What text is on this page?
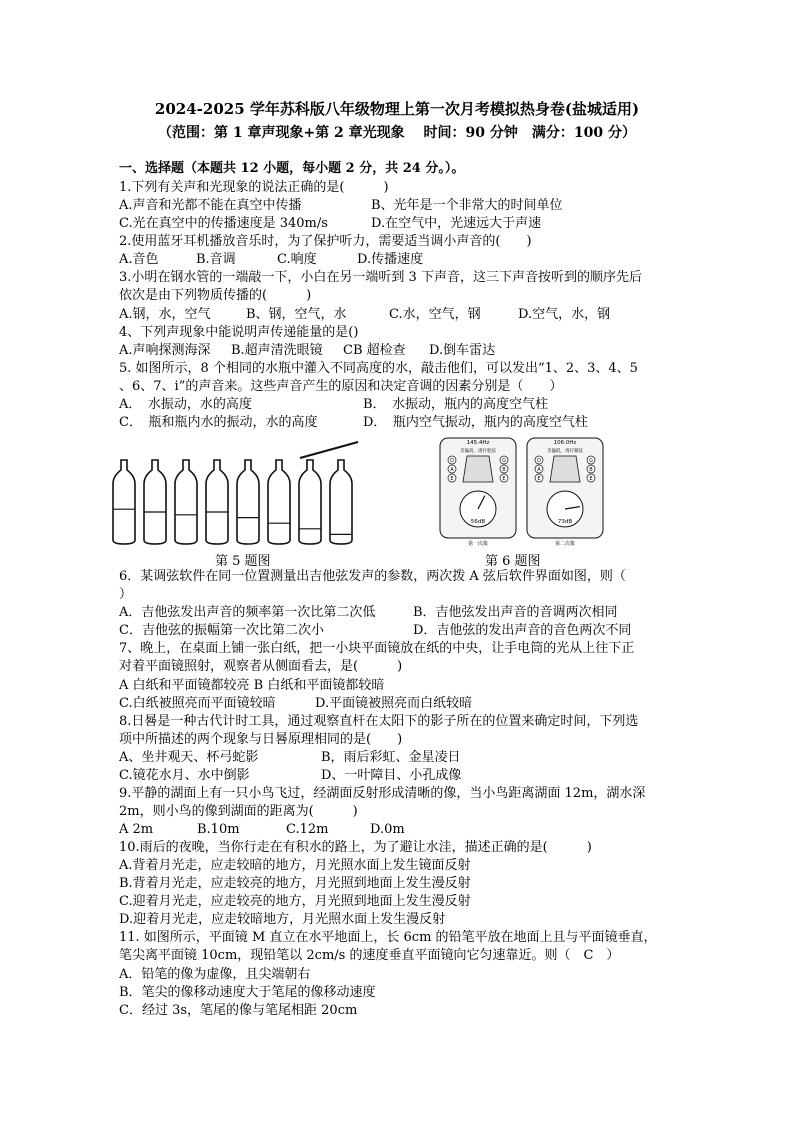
2024-2025 学年苏科版八年级物理上第一次月考模拟热身卷(盐城适用)
（范围：第 1 章声现象+第 2 章光现象　 时间：90 分钟　满分：100 分）
一、选择题（本题共 12 小题，每小题 2 分，共 24 分。）。
1.下列有关声和光现象的说法正确的是(　　　)
A.声音和光都不能在真空中传播	B、光年是一个非常大的时间单位
C.光在真空中的传播速度是 340m/s	D.在空气中，光速远大于声速
2.使用蓝牙耳机播放音乐时，为了保护听力，需要适当调小声音的(　　)
A.音色	B.音调	C.响度	D.传播速度
3.小明在钢水管的一端敲一下，小白在另一端听到 3 下声音，这三下声音按听到的顺序先后
依次是由下列物质传播的(　　　)
A.钢，水，空气	B、钢，空气，水	C.水，空气，钢	D.空气，水，钢
4、下列声现象中能说明声传递能量的是()
A.声响探测海深 B.超声清洗眼镜 CB 超检查 D.倒车雷达
5. 如图所示，8 个相同的水瓶中灌入不同高度的水，敲击他们，可以发出“1、2、3、4、5
、6、7、i”的声音来。这些声音产生的原因和决定音调的因素分别是（　　）
A．　水振动，水的高度	B．　水振动，瓶内的高度空气柱
C．　瓶和瓶内水的振动，水的高度	D．　瓶内空气振动，瓶内的高度空气柱
第 5 题图
145.4Hz
音偏高，请拧松弦
D
A
E
G
B
E
56dB
第一次拨
106.0Hz
音偏低，请拧紧弦
D
A
E
G
B
E
73dB
第二次拨
第 6 题图
6．某调弦软件在同一位置测量出吉他弦发声的参数，两次拨 A 弦后软件界面如图，则（
）
A．吉他弦发出声音的频率第一次比第二次低	B．吉他弦发出声音的音调两次相同
C．吉他弦的振幅第一次比第二次小	D．吉他弦的发出声音的音色两次不同
7、晚上，在桌面上铺一张白纸，把一小块平面镜放在纸的中央，让手电筒的光从上往下正
对着平面镜照射，观察者从侧面看去，是(　　　)
A 白纸和平面镜都较亮 B 白纸和平面镜都较暗
C.白纸被照亮而平面镜较暗	D.平面镜被照亮而白纸较暗
8.日晷是一种古代计时工具，通过观察直杆在太阳下的影子所在的位置来确定时间，下列选
项中所描述的两个现象与日晷原理相同的是(　　)
A、坐井观天、杯弓蛇影	B，雨后彩虹、金星凌日
C.镜花水月、水中倒影	D、一叶障目、小孔成像
9.平静的湖面上有一只小鸟飞过，经湖面反射形成清晰的像，当小鸟距离湖面 12m，湖水深
2m，则小鸟的像到湖面的距离为(　　　)
A 2m	B.10m	C.12m	D.0m
10.雨后的夜晚，当你行走在有积水的路上，为了避让水洼，描述正确的是(　　　)
A.背着月光走，应走较暗的地方，月光照水面上发生镜面反射
B.背着月光走，应走较亮的地方，月光照到地面上发生漫反射
C.迎着月光走，应走较亮的地方，月光照到地面上发生漫反射
D.迎着月光走，应走较暗地方，月光照水面上发生漫反射
11. 如图所示，平面镜 M 直立在水平地面上，长 6cm 的铅笔平放在地面上且与平面镜垂直，
笔尖离平面镜 10cm，现铅笔以 2cm/s 的速度垂直平面镜向它匀速靠近。则（　C　）
A．铅笔的像为虚像，且尖端朝右
B．笔尖的像移动速度大于笔尾的像移动速度
C．经过 3s，笔尾的像与笔尾相距 20cm
